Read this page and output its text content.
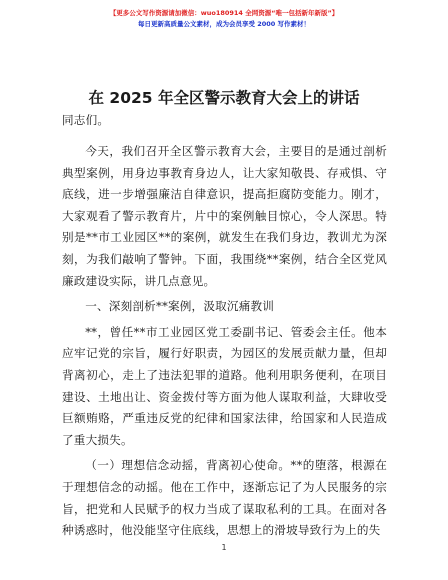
【更多公文写作资源请加微信：wuo180914 全网资源“唯一包括新年新版”】
每日更新高质量公文素材，成为会员享受 2000 写作素材！
在 2025 年全区警示教育大会上的讲话

同志们。

今天，我们召开全区警示教育大会，主要目的是通过剖析典型案例，用身边事教育身边人，让大家知敬畏、存戒惧、守底线，进一步增强廉洁自律意识，提高拒腐防变能力。刚才，大家观看了警示教育片，片中的案例触目惊心，令人深思。特别是**市工业园区**的案例，就发生在我们身边，教训尤为深刻，为我们敲响了警钟。下面，我围绕**案例，结合全区党风廉政建设实际，讲几点意见。

一、深刻剖析**案例，汲取沉痛教训

**，曾任**市工业园区党工委副书记、管委会主任。他本应牢记党的宗旨，履行好职责，为园区的发展贡献力量，但却背离初心，走上了违法犯罪的道路。他利用职务便利，在项目建设、土地出让、资金拨付等方面为他人谋取利益，大肆收受巨额贿赂，严重违反党的纪律和国家法律，给国家和人民造成了重大损失。

（一）理想信念动摇，背离初心使命。**的堕落，根源在于理想信念的动摇。他在工作中，逐渐忘记了为人民服务的宗旨，把党和人民赋予的权力当成了谋取私利的工具。在面对各种诱惑时，他没能坚守住底线，思想上的滑坡导致行为上的失

1
